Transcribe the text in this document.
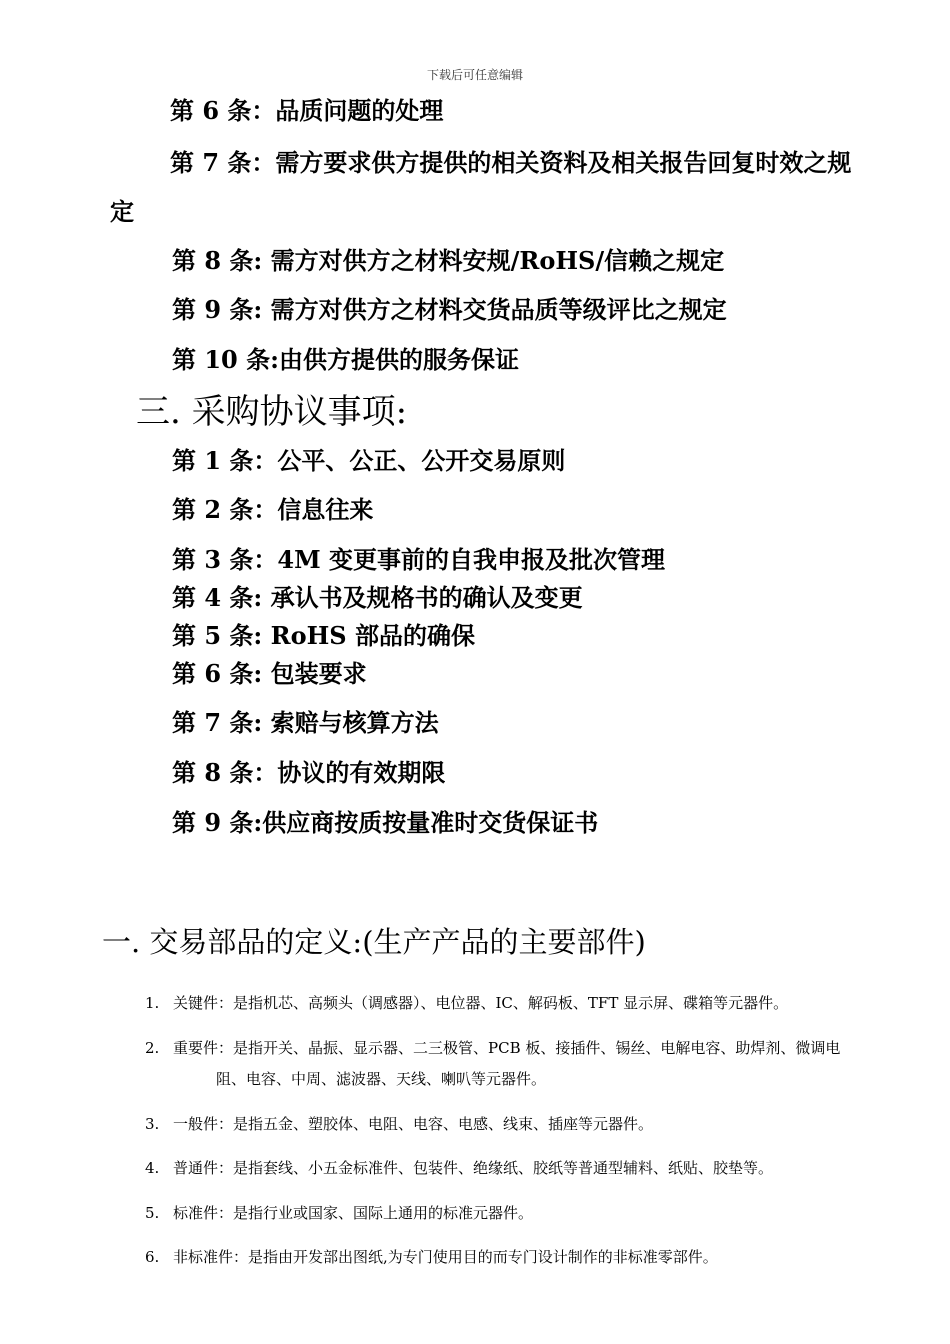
下载后可任意编辑
第 6 条：品质问题的处理
第 7 条：需方要求供方提供的相关资料及相关报告回复时效之规
定
第 8 条: 需方对供方之材料安规/RoHS/信赖之规定
第 9 条: 需方对供方之材料交货品质等级评比之规定
第 10 条:由供方提供的服务保证
三. 采购协议事项:
第 1 条：公平、公正、公开交易原则
第 2 条：信息往来
第 3 条：4M 变更事前的自我申报及批次管理
第 4 条: 承认书及规格书的确认及变更
第 5 条: RoHS 部品的确保
第 6 条: 包装要求
第 7 条: 索赔与核算方法
第 8 条：协议的有效期限
第 9 条:供应商按质按量准时交货保证书
一. 交易部品的定义:(生产产品的主要部件)
1. 关键件：是指机芯、高频头（调感器）、电位器、IC、解码板、TFT 显示屏、碟箱等元器件。
2. 重要件：是指开关、晶振、显示器、二三极管、PCB 板、接插件、锡丝、电解电容、助焊剂、微调电
阻、电容、中周、滤波器、天线、喇叭等元器件。
3. 一般件：是指五金、塑胶体、电阻、电容、电感、线束、插座等元器件。
4. 普通件：是指套线、小五金标准件、包装件、绝缘纸、胶纸等普通型辅料、纸贴、胶垫等。
5. 标准件：是指行业或国家、国际上通用的标准元器件。
6. 非标准件：是指由开发部出图纸,为专门使用目的而专门设计制作的非标准零部件。
